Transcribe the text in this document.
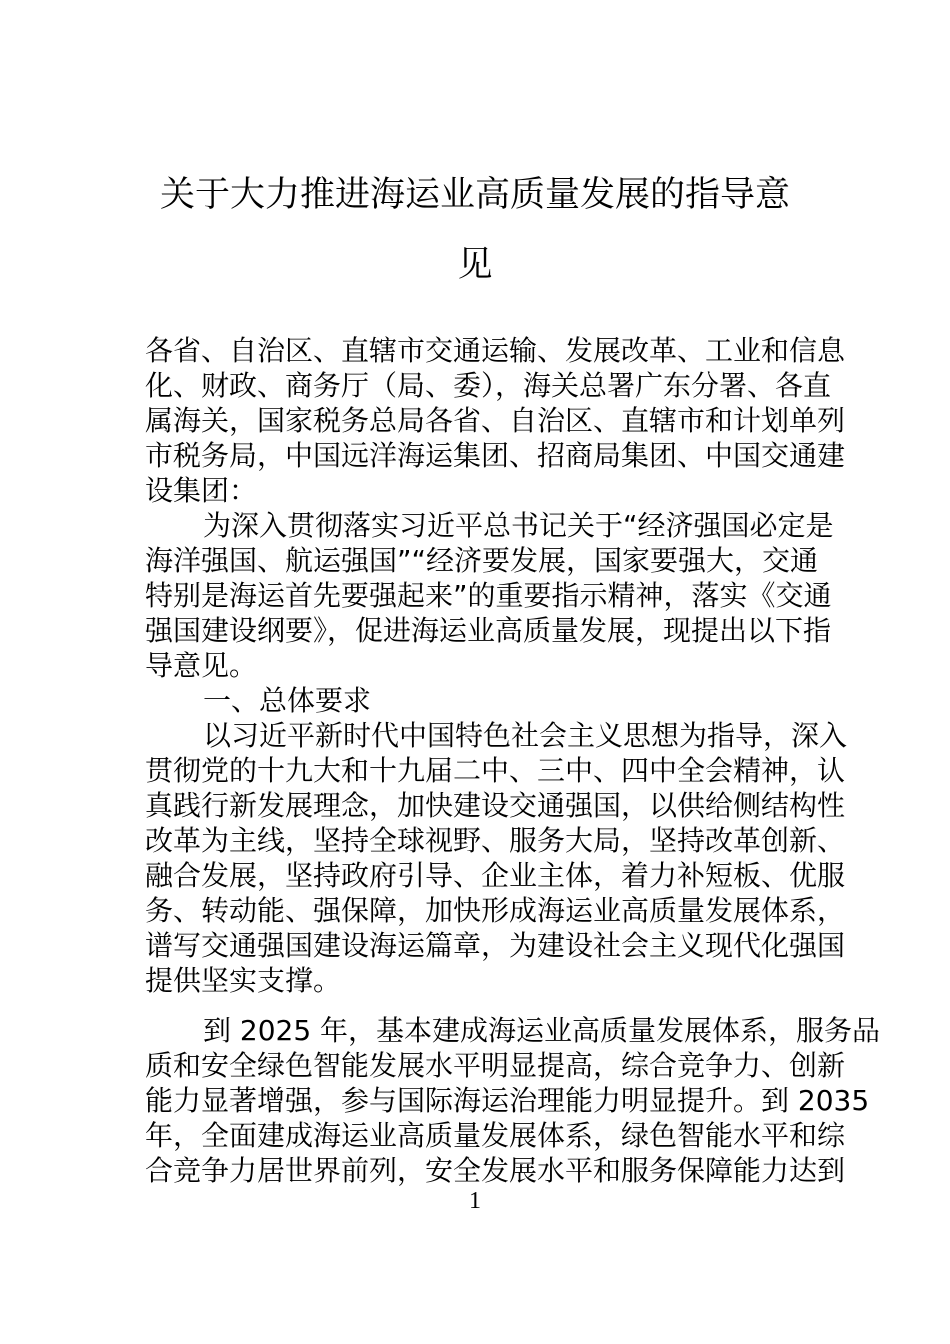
关于大力推进海运业高质量发展的指导意
见
各省、自治区、直辖市交通运输、发展改革、工业和信息
化、财政、商务厅（局、委），海关总署广东分署、各直
属海关，国家税务总局各省、自治区、直辖市和计划单列
市税务局，中国远洋海运集团、招商局集团、中国交通建
设集团：
为深入贯彻落实习近平总书记关于“经济强国必定是
海洋强国、航运强国”“经济要发展，国家要强大，交通
特别是海运首先要强起来”的重要指示精神，落实《交通
强国建设纲要》，促进海运业高质量发展，现提出以下指
导意见。
一、总体要求
以习近平新时代中国特色社会主义思想为指导，深入
贯彻党的十九大和十九届二中、三中、四中全会精神，认
真践行新发展理念，加快建设交通强国，以供给侧结构性
改革为主线，坚持全球视野、服务大局，坚持改革创新、
融合发展，坚持政府引导、企业主体，着力补短板、优服
务、转动能、强保障，加快形成海运业高质量发展体系，
谱写交通强国建设海运篇章，为建设社会主义现代化强国
提供坚实支撑。
到 2025 年，基本建成海运业高质量发展体系，服务品
质和安全绿色智能发展水平明显提高，综合竞争力、创新
能力显著增强，参与国际海运治理能力明显提升。到 2035
年，全面建成海运业高质量发展体系，绿色智能水平和综
合竞争力居世界前列，安全发展水平和服务保障能力达到
1
